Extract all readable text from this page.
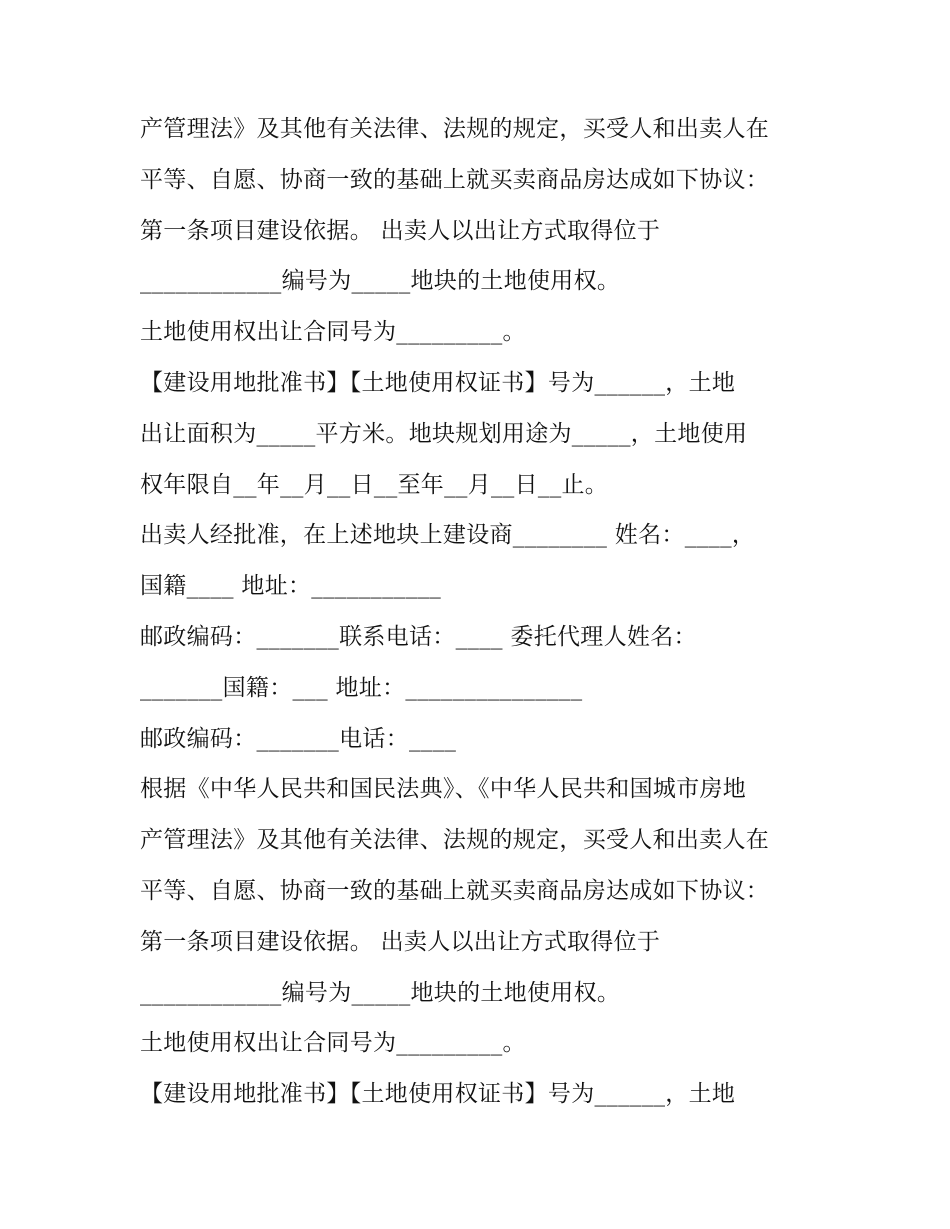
产管理法》及其他有关法律、法规的规定，买受人和出卖人在
平等、自愿、协商一致的基础上就买卖商品房达成如下协议：
第一条项目建设依据。 出卖人以出让方式取得位于
____________编号为_____地块的土地使用权。
土地使用权出让合同号为_________。
【建设用地批准书】【土地使用权证书】号为______，土地
出让面积为_____平方米。地块规划用途为_____，土地使用
权年限自__年__月__日__至年__月__日__止。
出卖人经批准，在上述地块上建设商________ 姓名：____，
国籍____ 地址：___________
邮政编码：_______联系电话：____ 委托代理人姓名：
_______国籍：___ 地址：_______________
邮政编码：_______电话：____
根据《中华人民共和国民法典》、《中华人民共和国城市房地
产管理法》及其他有关法律、法规的规定，买受人和出卖人在
平等、自愿、协商一致的基础上就买卖商品房达成如下协议：
第一条项目建设依据。 出卖人以出让方式取得位于
____________编号为_____地块的土地使用权。
土地使用权出让合同号为_________。
【建设用地批准书】【土地使用权证书】号为______，土地
